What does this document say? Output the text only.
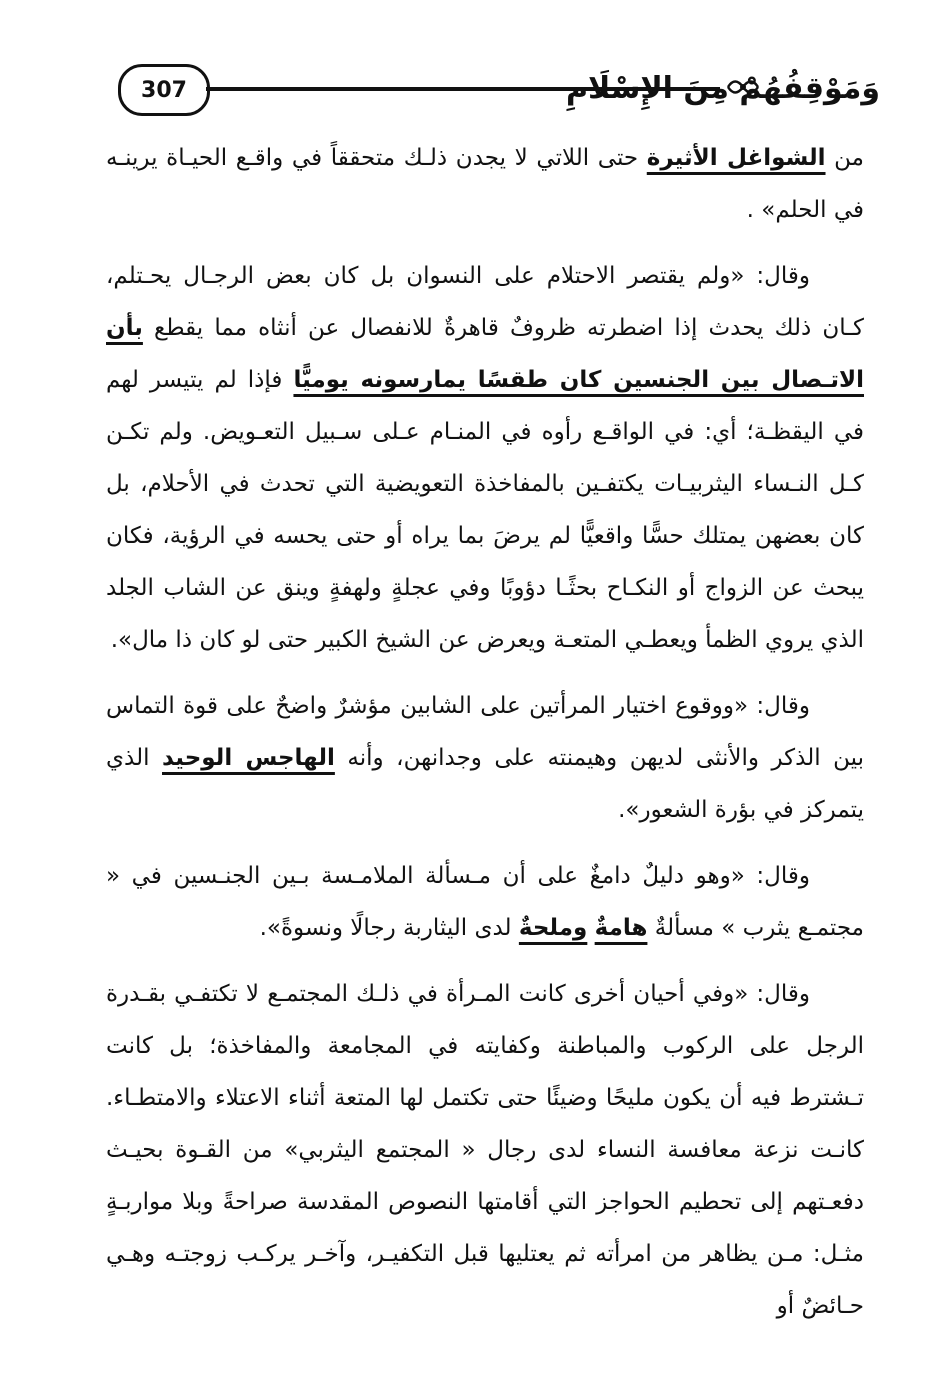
307	وَمَوْقِفُهُمْ مِنَ الإِسْلَامِ

من الشواغل الأثيرة حتى اللاتي لا يجدن ذلـك متحققاً في واقـع الحيـاة يرينـه في الحلم» .

وقال: «ولم يقتصر الاحتلام على النسوان بل كان بعض الرجـال يحـتلم، كـان ذلك يحدث إذا اضطرته ظروفٌ قاهرةٌ للانفصال عن أنثاه مما يقطع بأن الاتـصال بين الجنسين كان طقسًا يمارسونه يوميًّا فإذا لم يتيسر لهم في اليقظـة؛ أي: في الواقـع رأوه في المنـام عـلى سـبيل التعـويض. ولم تكـن كـل النـساء اليثربيـات يكتفـين بالمفاخذة التعويضية التي تحدث في الأحلام، بل كان بعضهن يمتلك حسًّا واقعيًّا لم يرضَ بما يراه أو حتى يحسه في الرؤية، فكان يبحث عن الزواج أو النكـاح بحثًـا دؤوبًا وفي عجلةٍ ولهفةٍ وينق عن الشاب الجلد الذي يروي الظمأ ويعطـي المتعـة ويعرض عن الشيخ الكبير حتى لو كان ذا مال».

وقال: «ووقوع اختيار المرأتين على الشابين مؤشرٌ واضحٌ على قوة التماس بين الذكر والأنثى لديهن وهيمنته على وجدانهن، وأنه الهاجس الوحيد الذي يتمركز في بؤرة الشعور».

وقال: «وهو دليلٌ دامغٌ على أن مـسألة الملامـسة بـين الجنـسين في « مجتمـع يثرب » مسألةٌ هامةٌ وملحةٌ لدى اليثاربة رجالًا ونسوةً».

وقال: «وفي أحيان أخرى كانت المـرأة في ذلـك المجتمـع لا تكتفـي بقـدرة الرجل على الركوب والمباطنة وكفايته في المجامعة والمفاخذة؛ بل كانت تـشترط فيه أن يكون مليحًا وضيئًا حتى تكتمل لها المتعة أثناء الاعتلاء والامتطـاء. كانـت نزعة معافسة النساء لدى رجال « المجتمع اليثربي» من القـوة بحيـث دفعـتهم إلى تحطيم الحواجز التي أقامتها النصوص المقدسة صراحةً وبلا مواربـةٍ مثـل: مـن يظاهر من امرأته ثم يعتليها قبل التكفيـر، وآخـر يركـب زوجتـه وهـي حـائضٌ أو
